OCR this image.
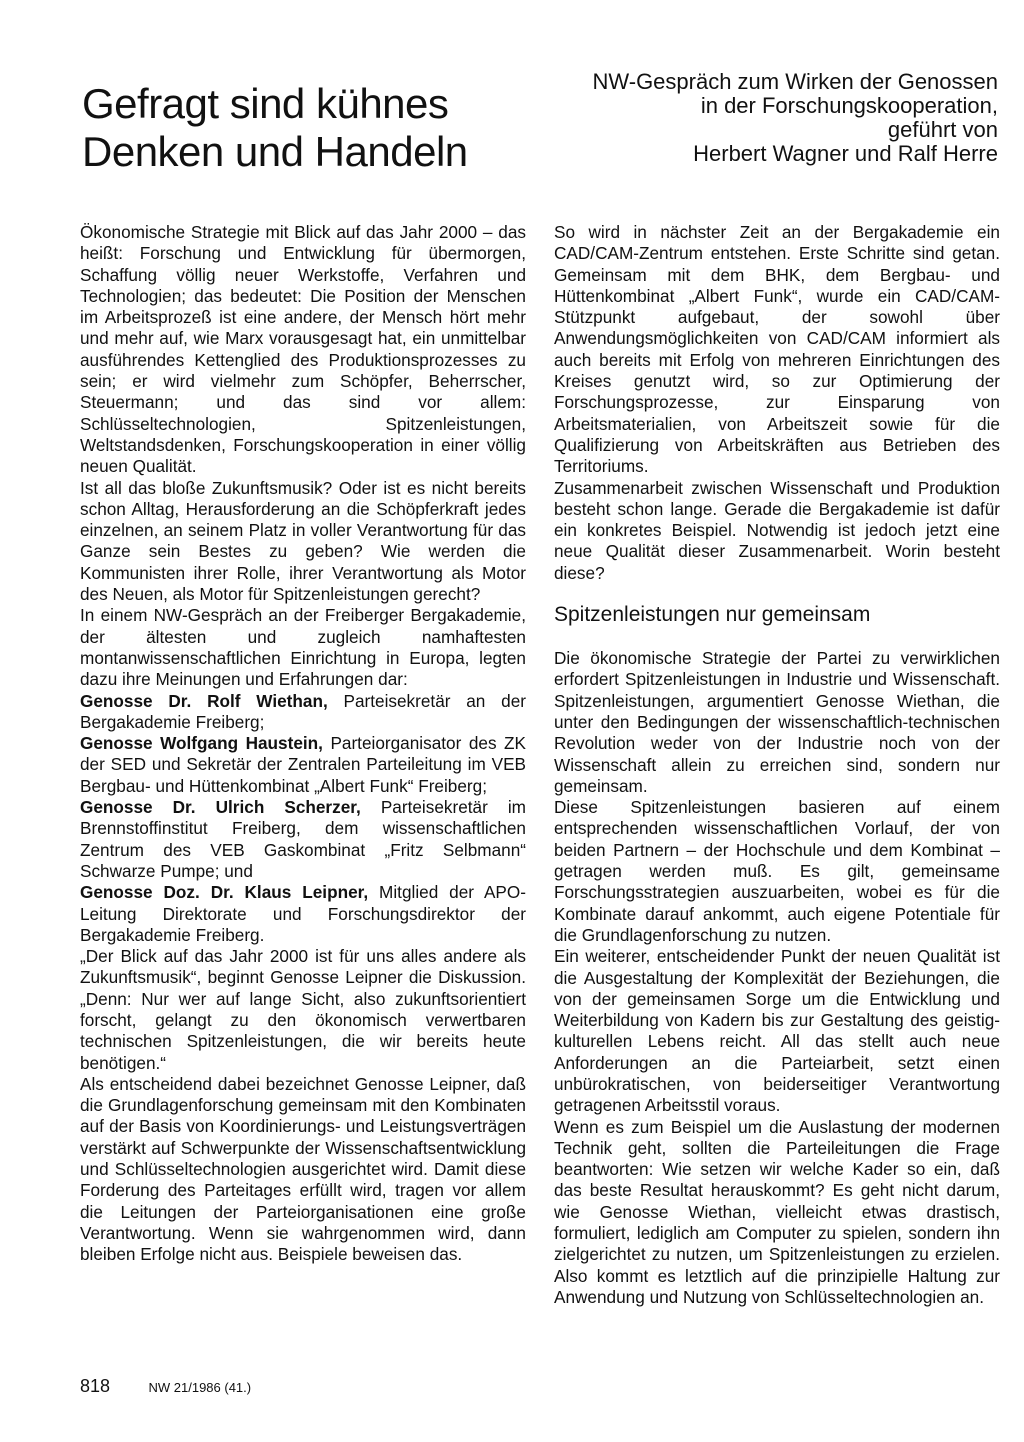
Gefragt sind kühnes
Denken und Handeln
NW-Gespräch zum Wirken der Genossen
in der Forschungskooperation,
geführt von
Herbert Wagner und Ralf Herre

Ökonomische Strategie mit Blick auf das Jahr 2000 – das heißt: Forschung und Entwicklung für übermorgen, Schaffung völlig neuer Werkstoffe, Verfahren und Technologien; das bedeutet: Die Position der Menschen im Arbeitsprozeß ist eine andere, der Mensch hört mehr und mehr auf, wie Marx vorausgesagt hat, ein unmittelbar ausführendes Kettenglied des Produktionsprozesses zu sein; er wird vielmehr zum Schöpfer, Beherrscher, Steuermann; und das sind vor allem: Schlüsseltechnologien, Spitzenleistungen, Weltstandsdenken, Forschungskooperation in einer völlig neuen Qualität.

Ist all das bloße Zukunftsmusik? Oder ist es nicht bereits schon Alltag, Herausforderung an die Schöpferkraft jedes einzelnen, an seinem Platz in voller Verantwortung für das Ganze sein Bestes zu geben? Wie werden die Kommunisten ihrer Rolle, ihrer Verantwortung als Motor des Neuen, als Motor für Spitzenleistungen gerecht?

In einem NW-Gespräch an der Freiberger Bergakademie, der ältesten und zugleich namhaftesten montanwissenschaftlichen Einrichtung in Europa, legten dazu ihre Meinungen und Erfahrungen dar:

Genosse Dr. Rolf Wiethan, Parteisekretär an der Bergakademie Freiberg;

Genosse Wolfgang Haustein, Parteiorganisator des ZK der SED und Sekretär der Zentralen Parteileitung im VEB Bergbau- und Hüttenkombinat „Albert Funk“ Freiberg;

Genosse Dr. Ulrich Scherzer, Parteisekretär im Brennstoffinstitut Freiberg, dem wissenschaftlichen Zentrum des VEB Gaskombinat „Fritz Selbmann“ Schwarze Pumpe; und

Genosse Doz. Dr. Klaus Leipner, Mitglied der APO-Leitung Direktorate und Forschungsdirektor der Bergakademie Freiberg.

„Der Blick auf das Jahr 2000 ist für uns alles andere als Zukunftsmusik“, beginnt Genosse Leipner die Diskussion. „Denn: Nur wer auf lange Sicht, also zukunftsorientiert forscht, gelangt zu den ökonomisch verwertbaren technischen Spitzenleistungen, die wir bereits heute benötigen.“

Als entscheidend dabei bezeichnet Genosse Leipner, daß die Grundlagenforschung gemeinsam mit den Kombinaten auf der Basis von Koordinierungs- und Leistungsverträgen verstärkt auf Schwerpunkte der Wissenschaftsentwicklung und Schlüsseltechnologien ausgerichtet wird. Damit diese Forderung des Parteitages erfüllt wird, tragen vor allem die Leitungen der Parteiorganisationen eine große Verantwortung. Wenn sie wahrgenommen wird, dann bleiben Erfolge nicht aus. Beispiele beweisen das.

So wird in nächster Zeit an der Bergakademie ein CAD/CAM-Zentrum entstehen. Erste Schritte sind getan. Gemeinsam mit dem BHK, dem Bergbau- und Hüttenkombinat „Albert Funk“, wurde ein CAD/CAM-Stützpunkt aufgebaut, der sowohl über Anwendungsmöglichkeiten von CAD/CAM informiert als auch bereits mit Erfolg von mehreren Einrichtungen des Kreises genutzt wird, so zur Optimierung der Forschungsprozesse, zur Einsparung von Arbeitsmaterialien, von Arbeitszeit sowie für die Qualifizierung von Arbeitskräften aus Betrieben des Territoriums.

Zusammenarbeit zwischen Wissenschaft und Produktion besteht schon lange. Gerade die Bergakademie ist dafür ein konkretes Beispiel. Notwendig ist jedoch jetzt eine neue Qualität dieser Zusammenarbeit. Worin besteht diese?

Spitzenleistungen nur gemeinsam

Die ökonomische Strategie der Partei zu verwirklichen erfordert Spitzenleistungen in Industrie und Wissenschaft. Spitzenleistungen, argumentiert Genosse Wiethan, die unter den Bedingungen der wissenschaftlich-technischen Revolution weder von der Industrie noch von der Wissenschaft allein zu erreichen sind, sondern nur gemeinsam.

Diese Spitzenleistungen basieren auf einem entsprechenden wissenschaftlichen Vorlauf, der von beiden Partnern – der Hochschule und dem Kombinat – getragen werden muß. Es gilt, gemeinsame Forschungsstrategien auszuarbeiten, wobei es für die Kombinate darauf ankommt, auch eigene Potentiale für die Grundlagenforschung zu nutzen.

Ein weiterer, entscheidender Punkt der neuen Qualität ist die Ausgestaltung der Komplexität der Beziehungen, die von der gemeinsamen Sorge um die Entwicklung und Weiterbildung von Kadern bis zur Gestaltung des geistig-kulturellen Lebens reicht. All das stellt auch neue Anforderungen an die Parteiarbeit, setzt einen unbürokratischen, von beiderseitiger Verantwortung getragenen Arbeitsstil voraus.

Wenn es zum Beispiel um die Auslastung der modernen Technik geht, sollten die Parteileitungen die Frage beantworten: Wie setzen wir welche Kader so ein, daß das beste Resultat herauskommt? Es geht nicht darum, wie Genosse Wiethan, vielleicht etwas drastisch, formuliert, lediglich am Computer zu spielen, sondern ihn zielgerichtet zu nutzen, um Spitzenleistungen zu erzielen. Also kommt es letztlich auf die prinzipielle Haltung zur Anwendung und Nutzung von Schlüsseltechnologien an.

818	NW 21/1986 (41.)
